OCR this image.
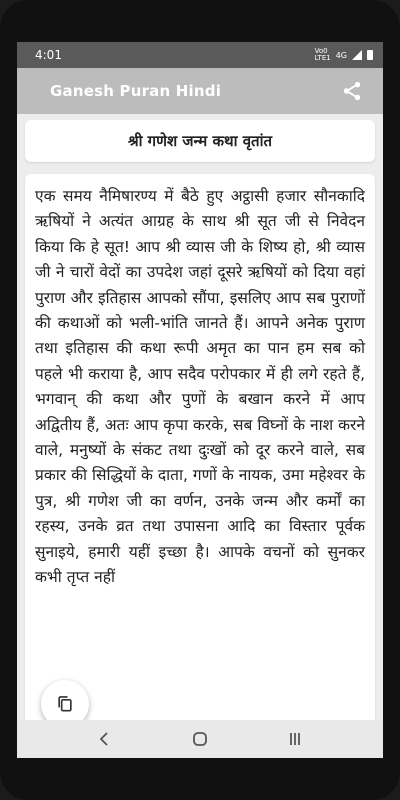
4:01	Vo0
LTE1 4G
Ganesh Puran Hindi
श्री गणेश जन्म कथा वृतांत

एक समय नैमिषारण्य में बैठे हुए अट्ठासी हजार सौनकादि ऋषियों ने अत्यंत आग्रह के साथ श्री सूत जी से निवेदन किया कि हे सूत! आप श्री व्यास जी के शिष्य हो, श्री व्यास जी ने चारों वेदों का उपदेश जहां दूसरे ऋषियों को दिया वहां पुराण और इतिहास आपको सौंपा, इसलिए आप सब पुराणों की कथाओं को भली-भांति जानते हैं। आपने अनेक पुराण तथा इतिहास की कथा रूपी अमृत का पान हम सब को पहले भी कराया है, आप सदैव परोपकार में ही लगे रहते हैं, भगवान् की कथा और पुणों के बखान करने में आप अद्वितीय हैं, अतः आप कृपा करके, सब विघ्नों के नाश करने वाले, मनुष्यों के संकट तथा दुःखों को दूर करने वाले, सब प्रकार की सिद्धियों के दाता, गणों के नायक, उमा महेश्वर के पुत्र, श्री गणेश जी का वर्णन, उनके जन्म और कर्मों का रहस्य, उनके व्रत तथा उपासना आदि का विस्तार पूर्वक सुनाइये, हमारी यहीं इच्छा है। आपके वचनों को सुनकर कभी तृप्त नहीं
